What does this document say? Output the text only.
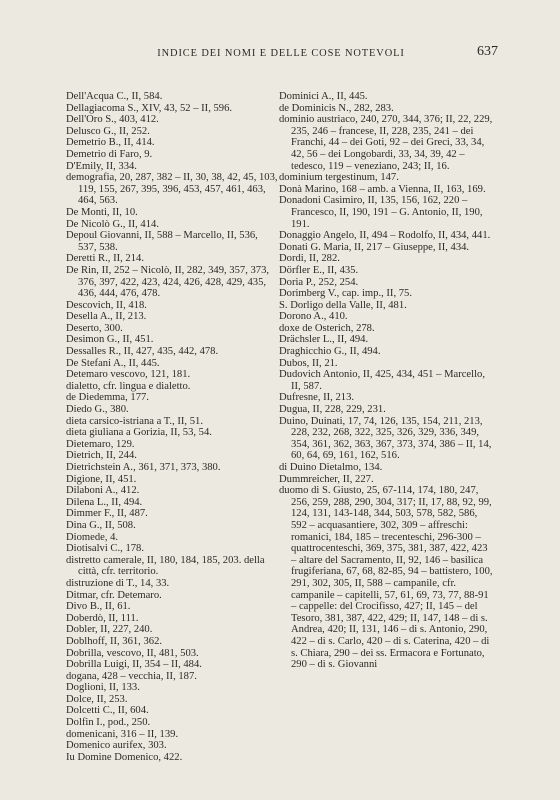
INDICE DEI NOMI E DELLE COSE NOTEVOLI	637
Dell'Acqua C., II, 584.
Dellagiacoma S., XIV, 43, 52 – II, 596.
Dell'Oro S., 403, 412.
Delusco G., II, 252.
Demetrio B., II, 414.
Demetrio di Faro, 9.
D'Emily, II, 334.
demografia, 20, 287, 382 – II, 30, 38, 42, 45, 103, 119, 155, 267, 395, 396, 453, 457, 461, 463, 464, 563.
De Monti, II, 10.
De Nicolò G., II, 414.
Depoul Giovanni, II, 588 – Marcello, II, 536, 537, 538.
Deretti R., II, 214.
De Rin, II, 252 – Nicolò, II, 282, 349, 357, 373, 376, 397, 422, 423, 424, 426, 428, 429, 435, 436, 444, 476, 478.
Descovich, II, 418.
Desella A., II, 213.
Deserto, 300.
Desimon G., II, 451.
Dessalles R., II, 427, 435, 442, 478.
De Stefani A., II, 445.
Detemaro vescovo, 121, 181.
dialetto, cfr. lingua e dialetto.
de Diedemma, 177.
Diedo G., 380.
dieta carsico-istriana a T., II, 51.
dieta giuliana a Gorizia, II, 53, 54.
Dietemaro, 129.
Dietrich, II, 244.
Dietrichstein A., 361, 371, 373, 380.
Digione, II, 451.
Dilaboni A., 412.
Dilena L., II, 494.
Dimmer F., II, 487.
Dina G., II, 508.
Diomede, 4.
Diotisalvi C., 178.
distretto camerale, II, 180, 184, 185, 203. della città, cfr. territorio.
distruzione di T., 14, 33.
Ditmar, cfr. Detemaro.
Divo B., II, 61.
Doberdò, II, 111.
Dobler, II, 227, 240.
Doblhoff, II, 361, 362.
Dobrilla, vescovo, II, 481, 503.
Dobrilla Luigi, II, 354 – II, 484.
dogana, 428 – vecchia, II, 187.
Doglioni, II, 133.
Dolce, II, 253.
Dolcetti C., II, 604.
Dolfin I., pod., 250.
domenicani, 316 – II, 139.
Domenico aurifex, 303.
Iu Domine Domenico, 422.
Dominici A., II, 445.
de Dominicis N., 282, 283.
dominio austriaco, 240, 270, 344, 376; II, 22, 229, 235, 246 – francese, II, 228, 235, 241 – dei Franchi, 44 – dei Goti, 92 – dei Greci, 33, 34, 42, 56 – dei Longobardi, 33, 34, 39, 42 – tedesco, 119 – veneziano, 243; II, 16.
dominium tergestinum, 147.
Donà Marino, 168 – amb. a Vienna, II, 163, 169.
Donadoni Casimiro, II, 135, 156, 162, 220 – Francesco, II, 190, 191 – G. Antonio, II, 190, 191.
Donaggio Angelo, II, 494 – Rodolfo, II, 434, 441.
Donati G. Maria, II, 217 – Giuseppe, II, 434.
Dordi, II, 282.
Dörfler E., II, 435.
Doria P., 252, 254.
Dorimberg V., cap. imp., II, 75.
S. Dorligo della Valle, II, 481.
Dorono A., 410.
doxe de Osterich, 278.
Drächsler L., II, 494.
Draghicchio G., II, 494.
Dubos, II, 21.
Dudovich Antonio, II, 425, 434, 451 – Marcello, II, 587.
Dufresne, II, 213.
Dugua, II, 228, 229, 231.
Duino, Duinati, 17, 74, 126, 135, 154, 211, 213, 228, 232, 268, 322, 325, 326, 329, 336, 349, 354, 361, 362, 363, 367, 373, 374, 386 – II, 14, 60, 64, 69, 161, 162, 516.
di Duino Dietalmo, 134.
Dummreicher, II, 227.
duomo di S. Giusto, 25, 67-114, 174, 180, 247, 256, 259, 288, 290, 304, 317; II, 17, 88, 92, 99, 124, 131, 143-148, 344, 503, 578, 582, 586, 592 – acquasantiere, 302, 309 – affreschi: romanici, 184, 185 – trecenteschi, 296-300 – quattrocenteschi, 369, 375, 381, 387, 422, 423 – altare del Sacramento, II, 92, 146 – basilica frugiferiana, 67, 68, 82-85, 94 – battistero, 100, 291, 302, 305, II, 588 – campanile, cfr. campanile – capitelli, 57, 61, 69, 73, 77, 88-91 – cappelle: del Crocifisso, 427; II, 145 – del Tesoro, 381, 387, 422, 429; II, 147, 148 – di s. Andrea, 420; II, 131, 146 – di s. Antonio, 290, 422 – di s. Carlo, 420 – di s. Caterina, 420 – di s. Chiara, 290 – dei ss. Ermacora e Fortunato, 290 – di s. Giovanni
